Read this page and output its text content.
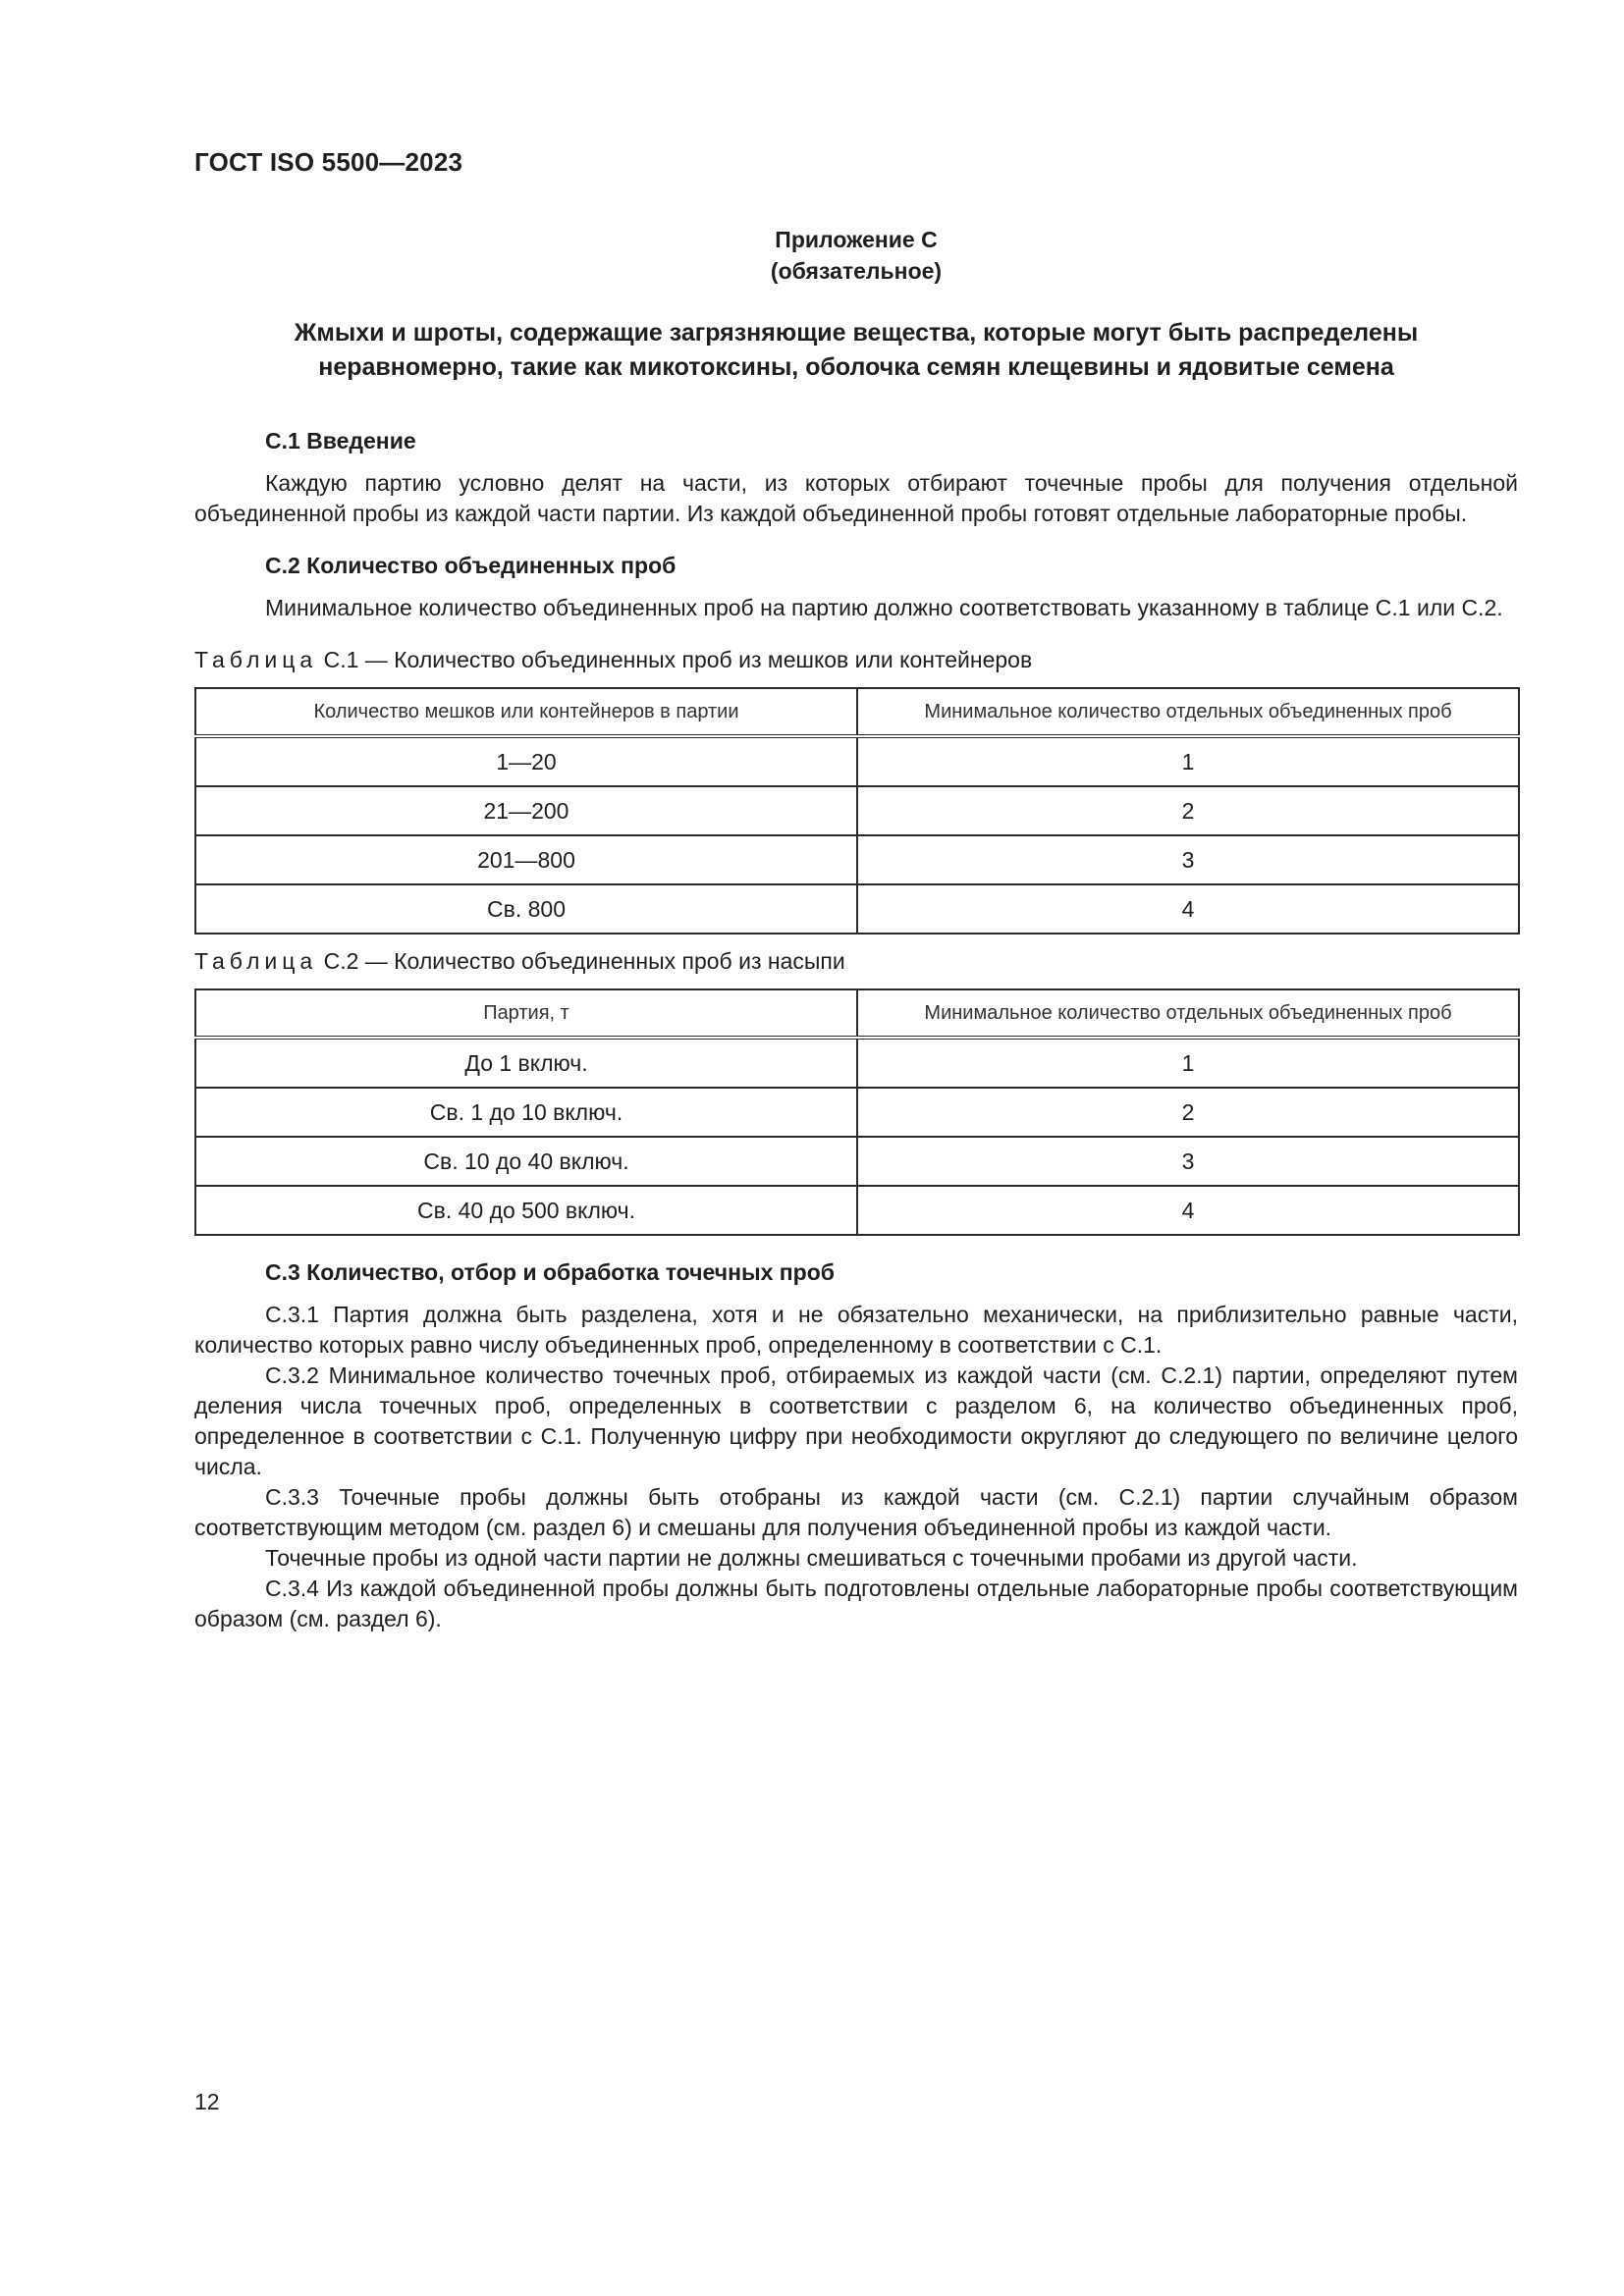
ГОСТ ISO 5500—2023
Приложение С
(обязательное)
Жмыхи и шроты, содержащие загрязняющие вещества, которые могут быть распределены
неравномерно, такие как микотоксины, оболочка семян клещевины и ядовитые семена

С.1 Введение

Каждую партию условно делят на части, из которых отбирают точечные пробы для получения отдельной объединенной пробы из каждой части партии. Из каждой объединенной пробы готовят отдельные лабораторные пробы.

С.2 Количество объединенных проб

Минимальное количество объединенных проб на партию должно соответствовать указанному в таблице С.1 или С.2.

Таблица С.1 — Количество объединенных проб из мешков или контейнеров

Количество мешков или контейнеров в партии	Минимальное количество отдельных объединенных проб
1—20	1
21—200	2
201—800	3
Св. 800	4

Таблица С.2 — Количество объединенных проб из насыпи

Партия, т	Минимальное количество отдельных объединенных проб
До 1 включ.	1
Св. 1 до 10 включ.	2
Св. 10 до 40 включ.	3
Св. 40 до 500 включ.	4

С.3 Количество, отбор и обработка точечных проб

С.3.1 Партия должна быть разделена, хотя и не обязательно механически, на приблизительно равные части, количество которых равно числу объединенных проб, определенному в соответствии с С.1.

С.3.2 Минимальное количество точечных проб, отбираемых из каждой части (см. С.2.1) партии, определяют путем деления числа точечных проб, определенных в соответствии с разделом 6, на количество объединенных проб, определенное в соответствии с С.1. Полученную цифру при необходимости округляют до следующего по величине целого числа.

С.3.3 Точечные пробы должны быть отобраны из каждой части (см. С.2.1) партии случайным образом соответствующим методом (см. раздел 6) и смешаны для получения объединенной пробы из каждой части.

Точечные пробы из одной части партии не должны смешиваться с точечными пробами из другой части.

С.3.4 Из каждой объединенной пробы должны быть подготовлены отдельные лабораторные пробы соответствующим образом (см. раздел 6).

12
